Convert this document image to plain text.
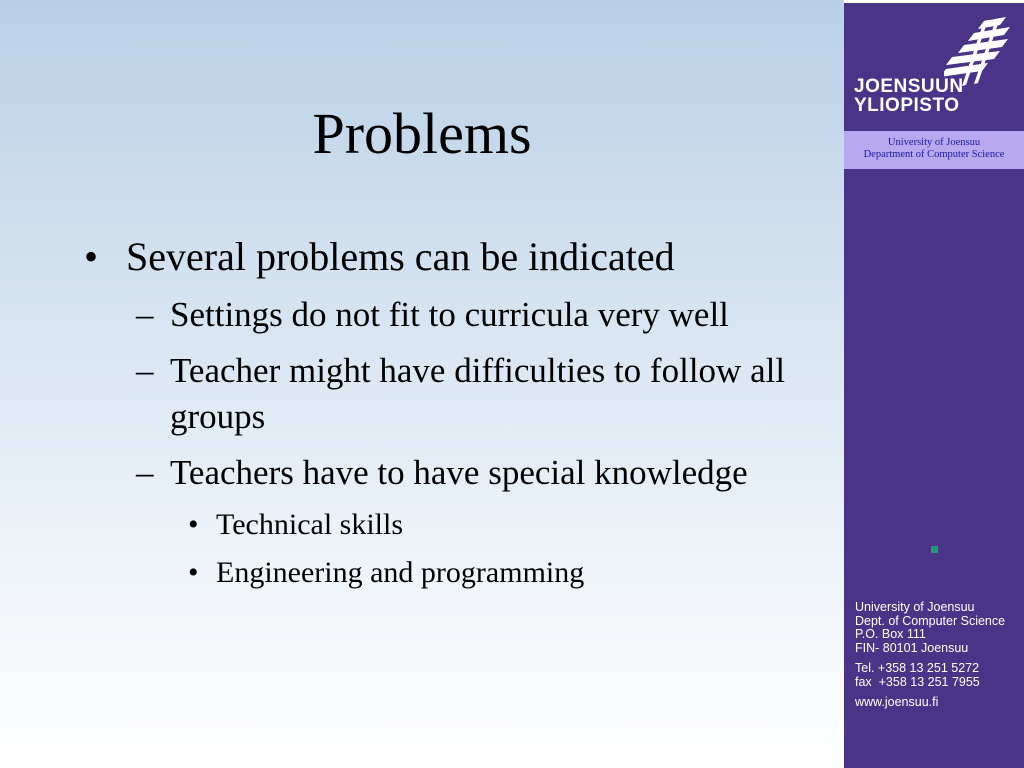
Problems
• Several problems can be indicated
– Settings do not fit to curricula very well
– Teacher might have difficulties to follow all groups
– Teachers have to have special knowledge
• Technical skills
• Engineering and programming
JOENSUUN
YLIOPISTO
University of Joensuu
Department of Computer Science
University of Joensuu
Dept. of Computer Science
P.O. Box 111
FIN- 80101 Joensuu
Tel. +358 13 251 5272
fax  +358 13 251 7955
www.joensuu.fi
